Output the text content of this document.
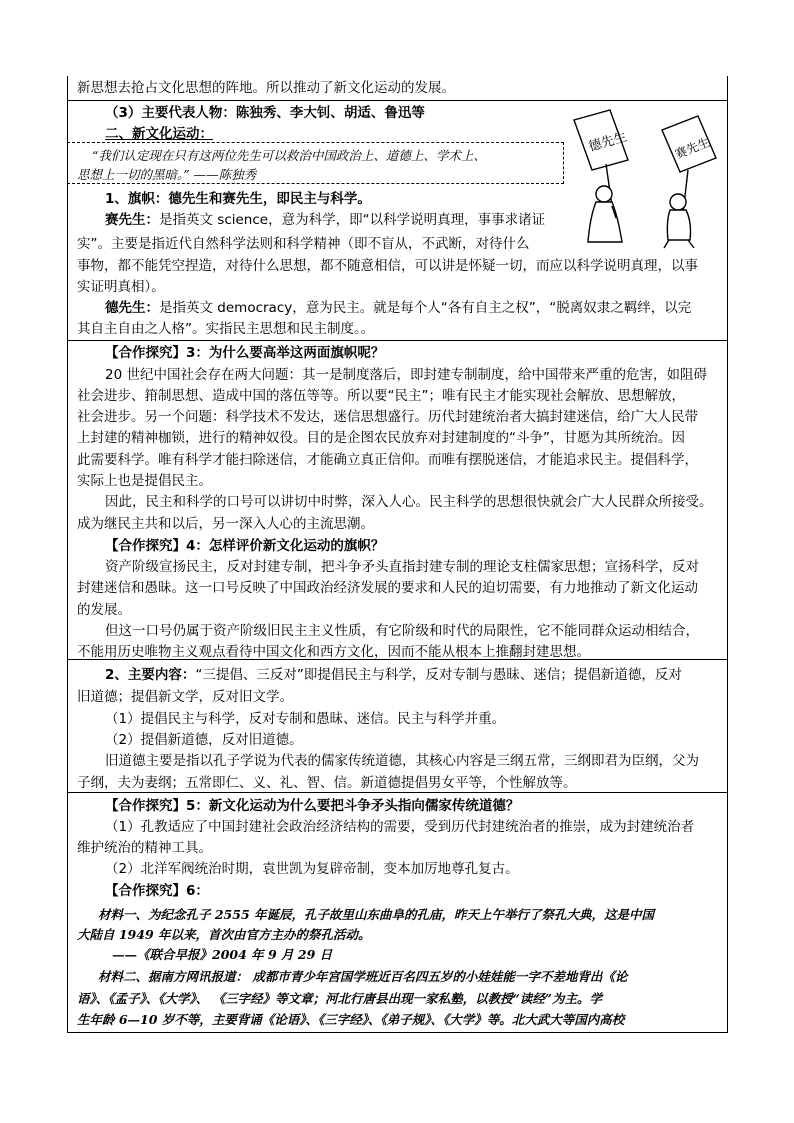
新思想去抢占文化思想的阵地。所以推动了新文化运动的发展。
（3）主要代表人物：陈独秀、李大钊、胡适、鲁迅等
二、新文化运动：
“我们认定现在只有这两位先生可以救治中国政治上、道德上、学术上、
思想上一切的黑暗。” ——陈独秀
1、旗帜：德先生和赛先生，即民主与科学。
赛先生：是指英文 science，意为科学，即“以科学说明真理，事事求诸证
实”。主要是指近代自然科学法则和科学精神（即不盲从，不武断，对待什么
事物，都不能凭空捏造，对待什么思想，都不随意相信，可以讲是怀疑一切，而应以科学说明真理，以事
实证明真相）。
德先生：是指英文 democracy，意为民主。就是每个人“各有自主之权”，“脱离奴隶之羁绊，以完
其自主自由之人格”。实指民主思想和民主制度。。
德先生	赛先生
【合作探究】3：为什么要高举这两面旗帜呢？
20 世纪中国社会存在两大问题：其一是制度落后，即封建专制制度，给中国带来严重的危害，如阻碍
社会进步、箝制思想、造成中国的落伍等等。所以要“民主”；唯有民主才能实现社会解放、思想解放，
社会进步。另一个问题：科学技术不发达，迷信思想盛行。历代封建统治者大搞封建迷信，给广大人民带
上封建的精神枷锁，进行的精神奴役。目的是企图农民放弃对封建制度的“斗争”，甘愿为其所统治。因
此需要科学。唯有科学才能扫除迷信，才能确立真正信仰。而唯有摆脱迷信，才能追求民主。提倡科学，
实际上也是提倡民主。
因此，民主和科学的口号可以讲切中时弊，深入人心。民主科学的思想很快就会广大人民群众所接受。
成为继民主共和以后，另一深入人心的主流思潮。
【合作探究】4：怎样评价新文化运动的旗帜？
资产阶级宣扬民主，反对封建专制，把斗争矛头直指封建专制的理论支柱儒家思想；宣扬科学，反对
封建迷信和愚昧。这一口号反映了中国政治经济发展的要求和人民的迫切需要，有力地推动了新文化运动
的发展。
但这一口号仍属于资产阶级旧民主主义性质，有它阶级和时代的局限性，它不能同群众运动相结合，
不能用历史唯物主义观点看待中国文化和西方文化，因而不能从根本上推翻封建思想。
2、主要内容：“三提倡、三反对”即提倡民主与科学，反对专制与愚昧、迷信；提倡新道德，反对
旧道德；提倡新文学，反对旧文学。
（1）提倡民主与科学，反对专制和愚昧、迷信。民主与科学并重。
（2）提倡新道德，反对旧道德。
旧道德主要是指以孔子学说为代表的儒家传统道德，其核心内容是三纲五常，三纲即君为臣纲，父为
子纲，夫为妻纲；五常即仁、义、礼、智、信。新道德提倡男女平等，个性解放等。
【合作探究】5：新文化运动为什么要把斗争矛头指向儒家传统道德？
（1）孔教适应了中国封建社会政治经济结构的需要，受到历代封建统治者的推崇，成为封建统治者
维护统治的精神工具。
（2）北洋军阀统治时期，袁世凯为复辟帝制，变本加厉地尊孔复古。
【合作探究】6：
材料一、为纪念孔子 2555 年诞辰，孔子故里山东曲阜的孔庙，昨天上午举行了祭孔大典，这是中国
大陆自 1949 年以来，首次由官方主办的祭孔活动。
——《联合早报》2004 年 9 月 29 日
材料二、据南方网讯报道： 成都市青少年宫国学班近百名四五岁的小娃娃能一字不差地背出《论
语》、《孟子》、《大学》、 《三字经》等文章；河北行唐县出现一家私塾，以教授“读经”为主。学
生年龄 6—10 岁不等，主要背诵《论语》、《三字经》、《弟子规》、《大学》等。北大武大等国内高校
